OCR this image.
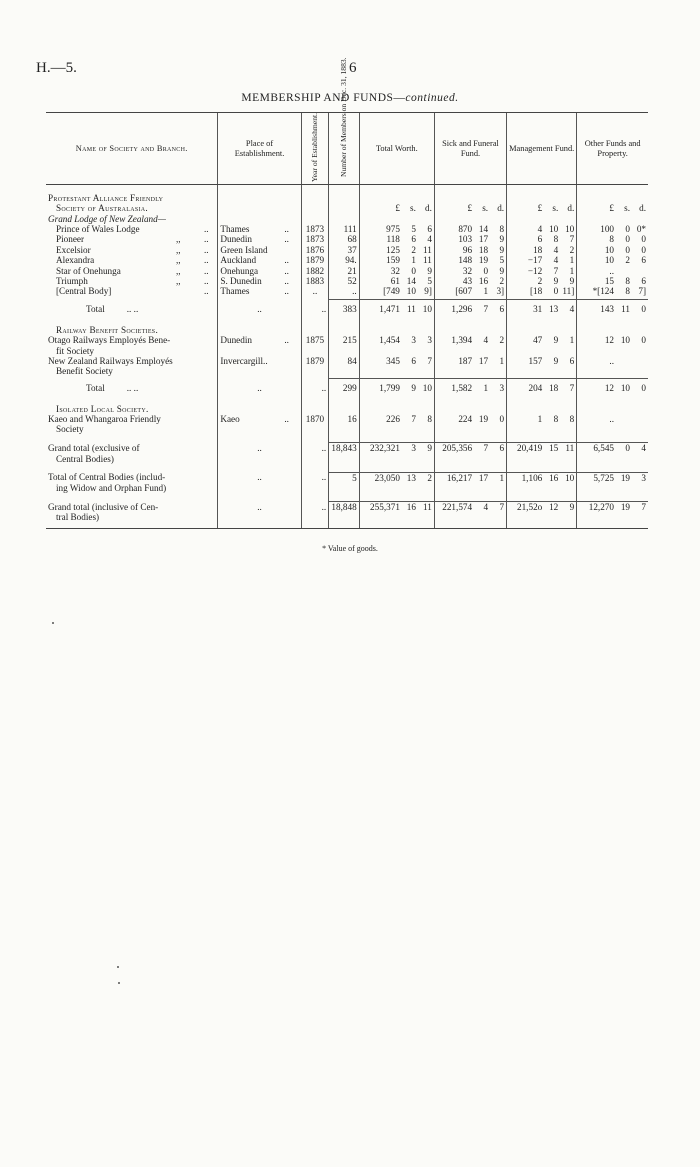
H.—5.	6
MEMBERSHIP AND FUNDS—continued.
Name of Society and Branch.	Place of Establishment.	Year of Establishment.	Number of Members on Dec. 31, 1883.	Total Worth.	Sick and Funeral Fund.	Management Fund.	Other Funds and Property.

Protestant Alliance Friendly							
Society of Australasia.				£ s. d.	£ s. d.	£ s. d.	£ s. d.

Grand Lodge of New Zealand—							
Prince of Wales Lodge ..	Thames ..	1873	111	975 5 6	870 14 8	4 10 10	100 0 0*

Pioneer ,, ..	Dunedin ..	1873	68	118 6 4	103 17 9	6 8 7	8 0 0

Excelsior ,, ..	Green Island	1876	37	125 2 11	96 18 9	18 4 2	10 0 0

Alexandra ,, ..	Auckland ..	1879	94.	159 1 11	148 19 5	−17 4 1	10 2 6

Star of Onehunga ,, ..	Onehunga ..	1882	21	32 0 9	32 0 9	−12 7 1	..

Triumph ,, ..	S. Dunedin ..	1883	52	61 14 5	43 16 2	2 9 9	15 8 6

[Central Body] ..	Thames ..	..	..	[749 10 9]	[607 1 3]	[18 0 11]	*[124 8 7]

Total .. ..	..	..	383	1,471 11 10	1,296 7 6	31 13 4	143 11 0

Railway Benefit Societies.							
Otago Railways Employés Bene-	Dunedin ..	1875	215	1,454 3 3	1,394 4 2	47 9 1	12 10 0

fit Society							
New Zealand Railways Employés	Invercargill..	1879	84	345 6 7	187 17 1	157 9 6	..

Benefit Society							

Total .. ..	..	..	299	1,799 9 10	1,582 1 3	204 18 7	12 10 0

Isolated Local Society.							
Kaeo and Whangaroa Friendly	Kaeo ..	1870	16	226 7 8	224 19 0	1 8 8	..

Society							

Grand total (exclusive of	..	..	18,843	232,321 3 9	205,356 7 6	20,419 15 11	6,545 0 4

Central Bodies)							

Total of Central Bodies (includ-	..	..	5	23,050 13 2	16,217 17 1	1,106 16 10	5,725 19 3

ing Widow and Orphan Fund)							

Grand total (inclusive of Cen-	..	..	18,848	255,371 16 11	221,574 4 7	21,52o 12 9	12,270 19 7

tral Bodies)							

* Value of goods.
